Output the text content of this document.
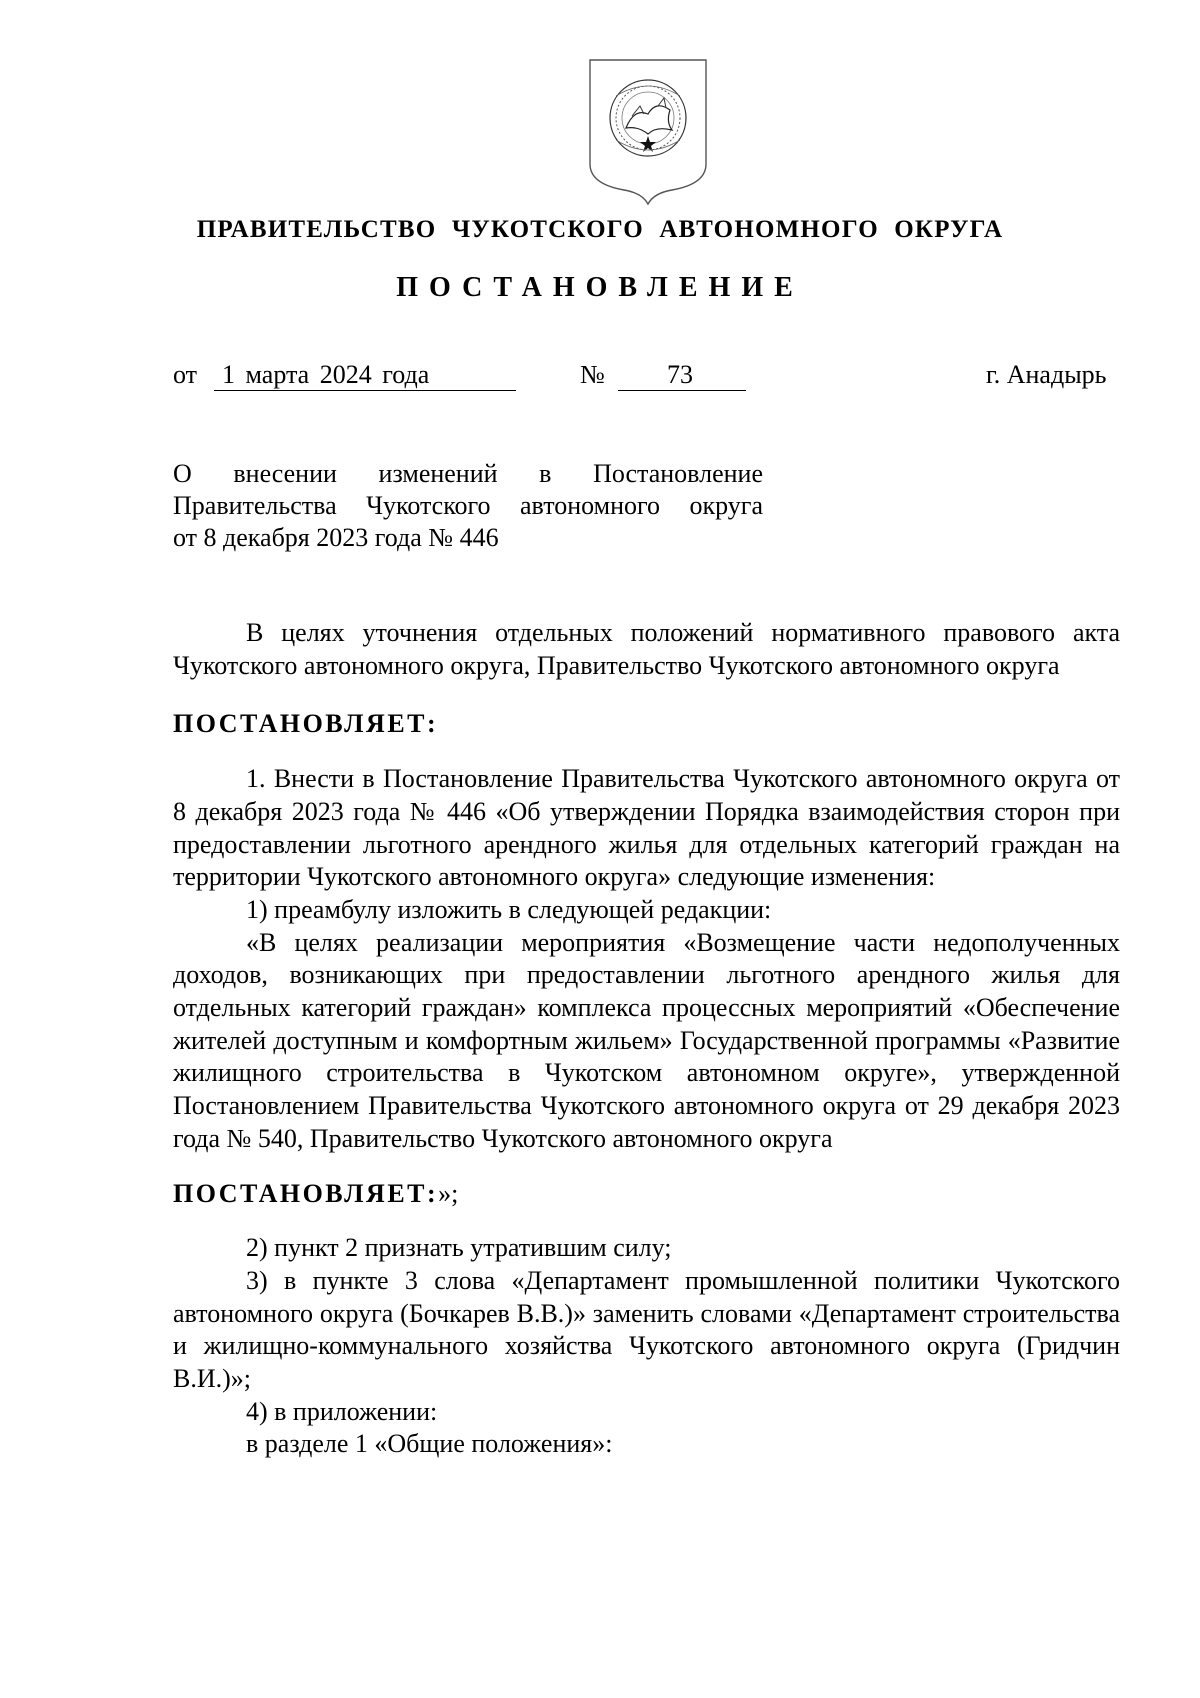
ПРАВИТЕЛЬСТВО ЧУКОТСКОГО АВТОНОМНОГО ОКРУГА
ПОСТАНОВЛЕНИЕ
от 1 марта 2024 года	№ 73	г. Анадырь
О внесении изменений в Постановление
Правительства Чукотского автономного округа
от 8 декабря 2023 года № 446

В целях уточнения отдельных положений нормативного правового акта Чукотского автономного округа, Правительство Чукотского автономного округа

ПОСТАНОВЛЯЕТ:

1. Внести в Постановление Правительства Чукотского автономного округа от 8 декабря 2023 года № 446 «Об утверждении Порядка взаимодействия сторон при предоставлении льготного арендного жилья для отдельных категорий граждан на территории Чукотского автономного округа» следующие изменения:

1) преамбулу изложить в следующей редакции:

«В целях реализации мероприятия «Возмещение части недополученных доходов, возникающих при предоставлении льготного арендного жилья для отдельных категорий граждан» комплекса процессных мероприятий «Обеспечение жителей доступным и комфортным жильем» Государственной программы «Развитие жилищного строительства в Чукотском автономном округе», утвержденной Постановлением Правительства Чукотского автономного округа от 29 декабря 2023 года № 540, Правительство Чукотского автономного округа

ПОСТАНОВЛЯЕТ:»;

2) пункт 2 признать утратившим силу;

3) в пункте 3 слова «Департамент промышленной политики Чукотского автономного округа (Бочкарев В.В.)» заменить словами «Департамент строительства и жилищно-коммунального хозяйства Чукотского автономного округа (Гридчин В.И.)»;

4) в приложении:

в разделе 1 «Общие положения»:
